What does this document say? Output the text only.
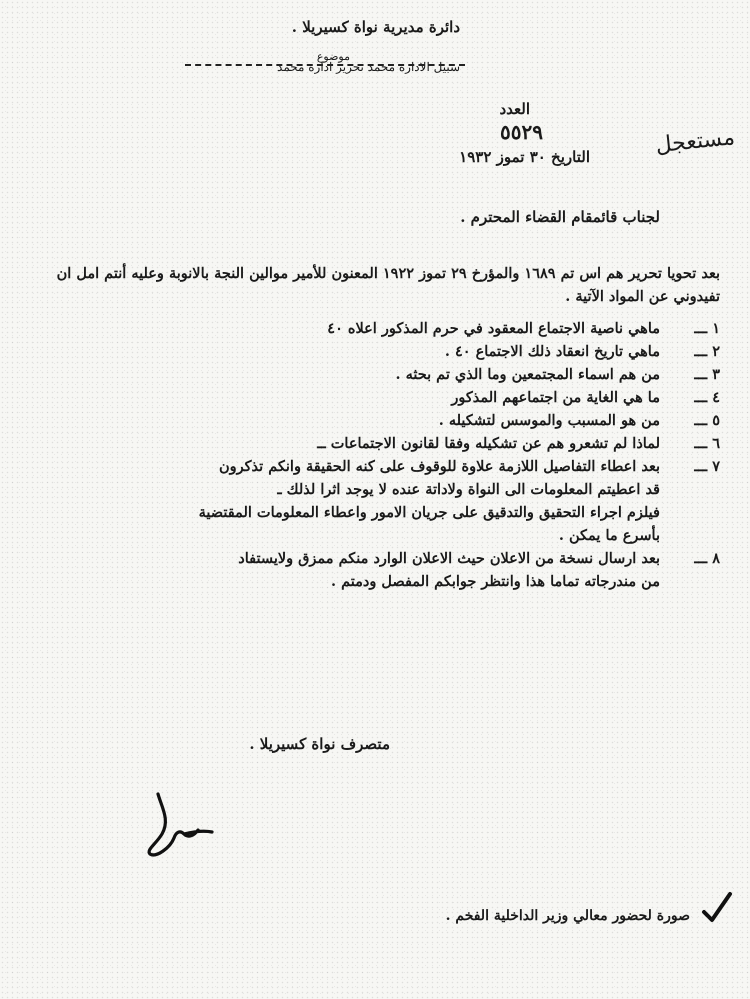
دائرة مديرية نواة كسيريلا .
موضوع
سبيل الادارة محمد تحرير ادارة محمد
العدد
٥٥٢٩
التاريخ ٣٠ تموز ١٩٣٢	مستعجل
لجناب قائمقام القضاء المحترم .
بعد تحويا تحرير هم اس تم ١٦٨٩ والمؤرخ ٢٩ تموز ١٩٢٢ المعنون للأمير موالين النجة بالانوبة وعليه أنتم امل ان تفيدوني عن المواد الآتية .
١ ـــ
ماهي ناصية الاجتماع المعقود في حرم المذكور اعلاه ٤٠
٢ ـــ
ماهي تاريخ انعقاد ذلك الاجتماع ٤٠ .
٣ ـــ
من هم اسماء المجتمعين وما الذي تم بحثه .
٤ ـــ
ما هي الغاية من اجتماعهم المذكور
٥ ـــ
من هو المسبب والموسس لتشكيله .
٦ ـــ
لماذا لم تشعرو هم عن تشكيله وفقا لقانون الاجتماعات ــ
٧ ـــ
بعد اعطاء التفاصيل اللازمة علاوة للوقوف على كنه الحقيقة وانكم تذكرون
قد اعطيتم المعلومات الى النواة ولاداتة عنده لا يوجد اثرا لذلك ـ
فيلزم اجراء التحقيق والتدقيق على جريان الامور واعطاء المعلومات المقتضية
بأسرع ما يمكن .
٨ ـــ
بعد ارسال نسخة من الاعلان حيث الاعلان الوارد منكم ممزق ولايستفاد
من مندرجاته تماما هذا وانتظر جوابكم المفصل ودمتم .
متصرف نواة كسيريلا .
صورة لحضور معالي وزير الداخلية الفخم .
